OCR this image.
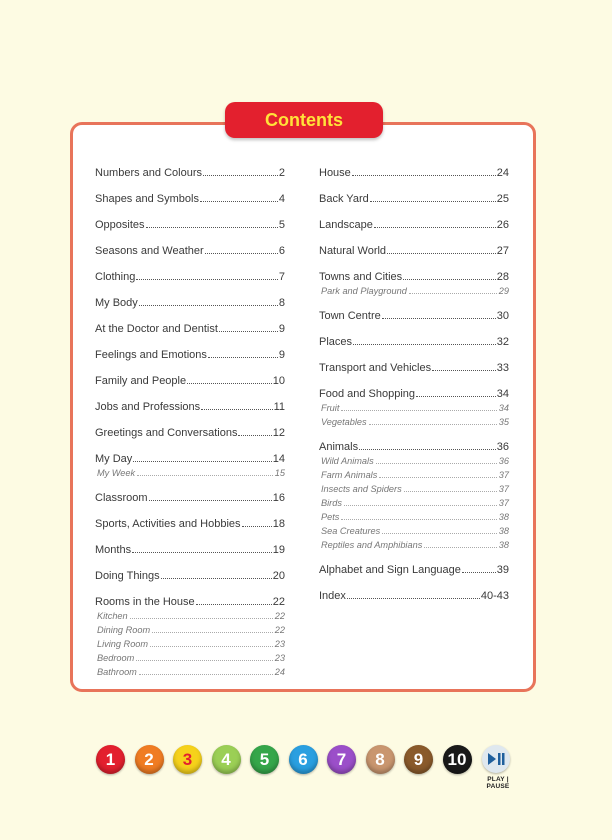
Contents
Numbers and Colours	2
Shapes and Symbols	4
Opposites	5
Seasons and Weather	6
Clothing	7
My Body	8
At the Doctor and Dentist	9
Feelings and Emotions	9
Family and People	10
Jobs and Professions	11
Greetings and Conversations	12
My Day	14
My Week	15
Classroom	16
Sports, Activities and Hobbies	18
Months	19
Doing Things	20
Rooms in the House	22
Kitchen	22
Dining Room	22
Living Room	23
Bedroom	23
Bathroom	24
House	24
Back Yard	25
Landscape	26
Natural World	27
Towns and Cities	28
Park and Playground	29
Town Centre	30
Places	32
Transport and Vehicles	33
Food and Shopping	34
Fruit	34
Vegetables	35
Animals	36
Wild Animals	36
Farm Animals	37
Insects and Spiders	37
Birds	37
Pets	38
Sea Creatures	38
Reptiles and Amphibians	38
Alphabet and Sign Language	39
Index	40-43
PLAY | PAUSE
1	2	3	4	5	6	7	8	9	10
